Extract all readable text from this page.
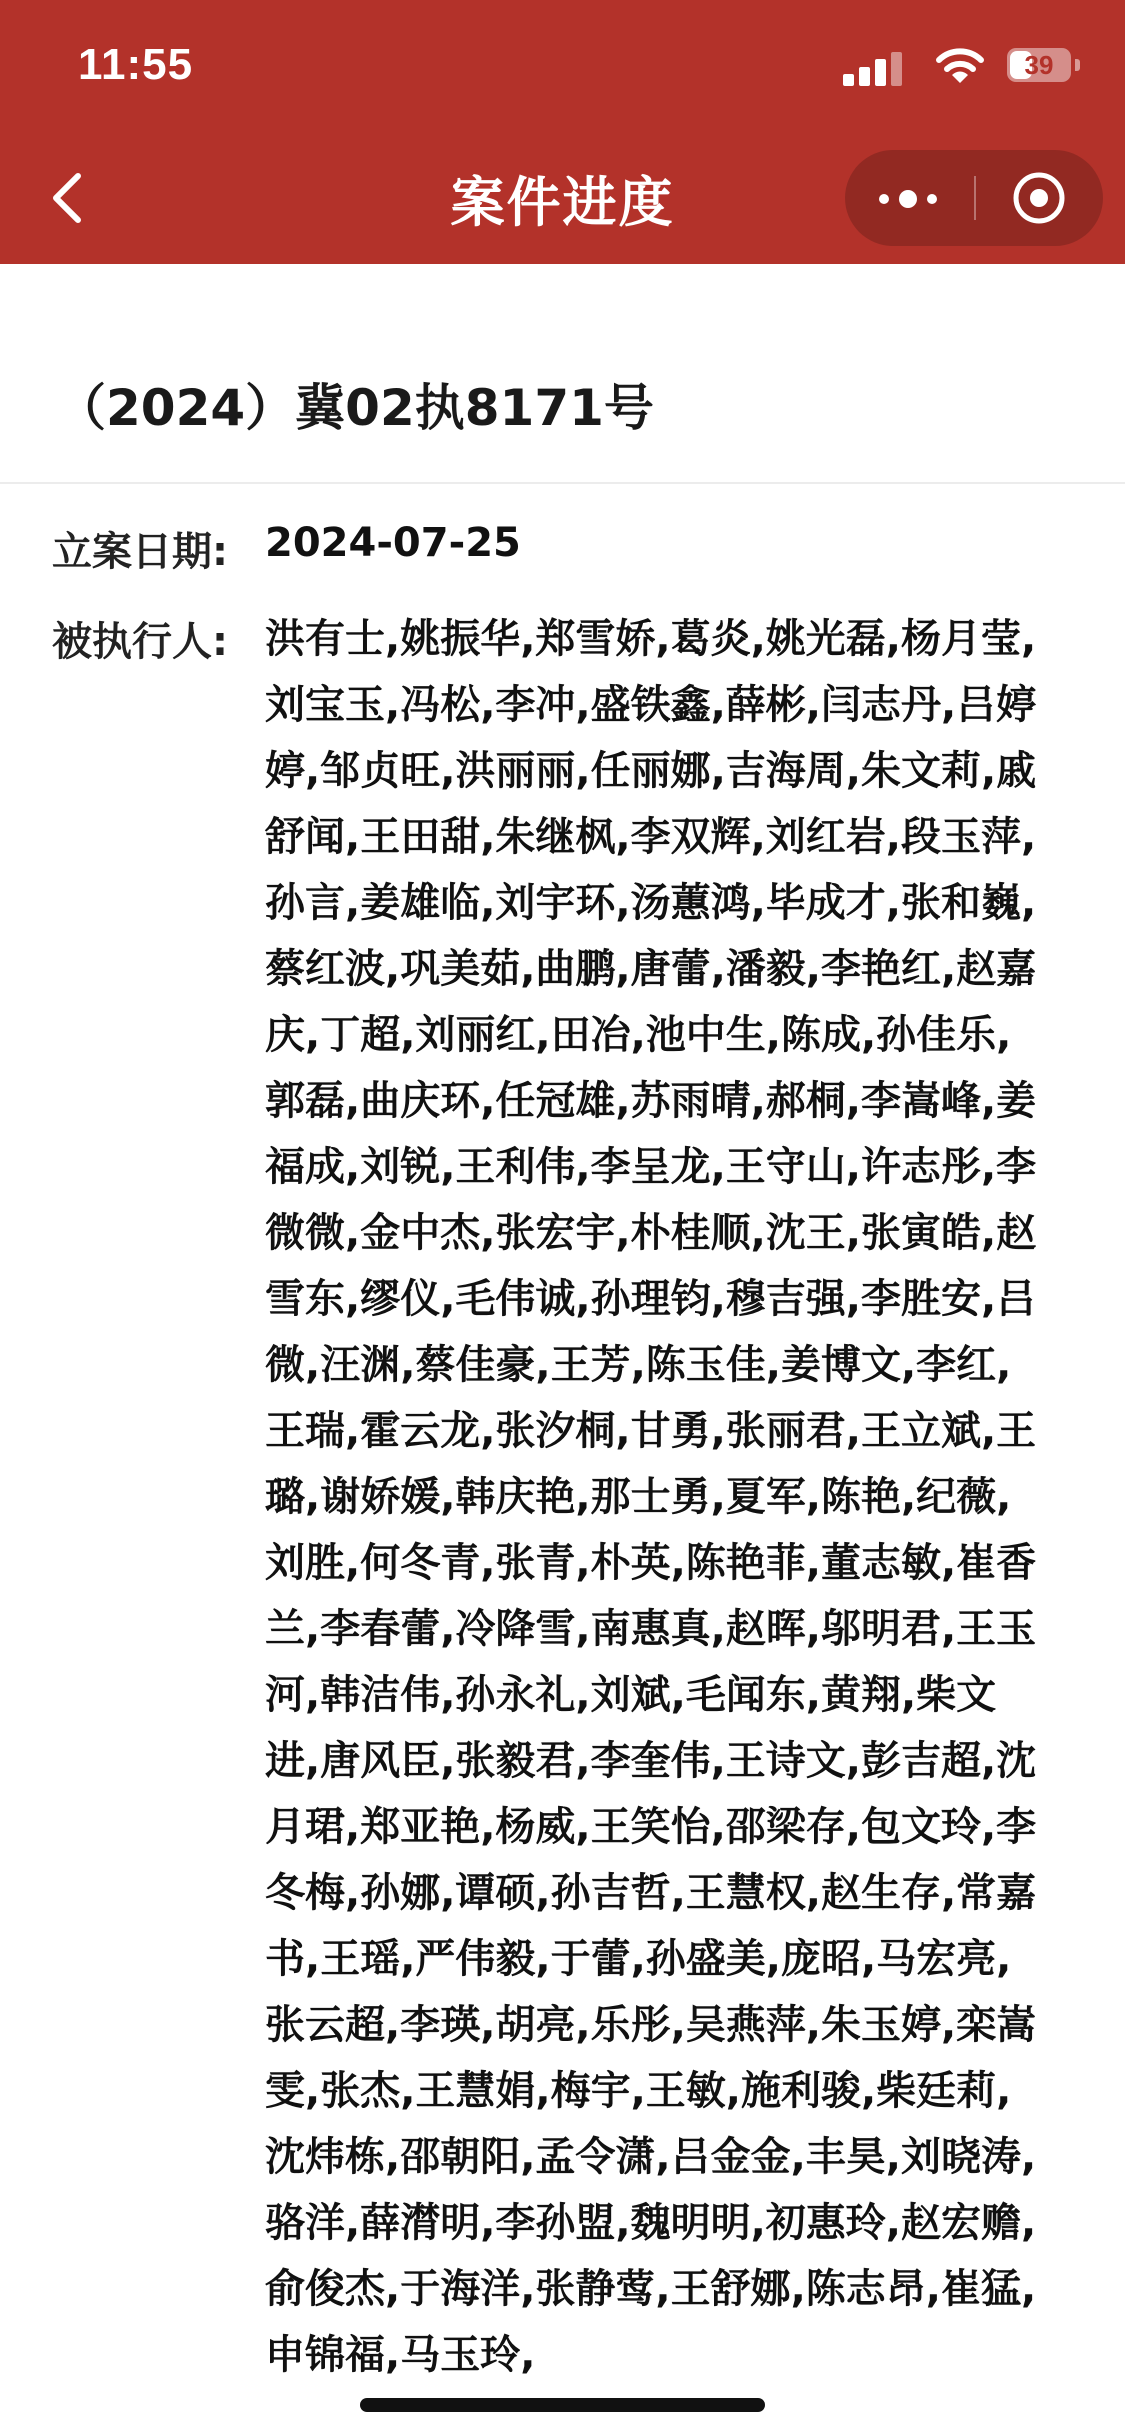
11:55	39
案件进度
（2024）冀02执8171号
立案日期: 2024-07-25
被执行人: 洪有士,姚振华,郑雪娇,葛炎,姚光磊,杨月莹,刘宝玉,冯松,李冲,盛铁鑫,薛彬,闫志丹,吕婷婷,邹贞旺,洪丽丽,任丽娜,吉海周,朱文莉,戚舒闻,王田甜,朱继枫,李双辉,刘红岩,段玉萍,孙言,姜雄临,刘宇环,汤蕙鸿,毕成才,张和巍,蔡红波,巩美茹,曲鹏,唐蕾,潘毅,李艳红,赵嘉庆,丁超,刘丽红,田冶,池中生,陈成,孙佳乐,郭磊,曲庆环,任冠雄,苏雨晴,郝桐,李嵩峰,姜福成,刘锐,王利伟,李呈龙,王守山,许志彤,李微微,金中杰,张宏宇,朴桂顺,沈王,张寅皓,赵雪东,缪仪,毛伟诚,孙理钧,穆吉强,李胜安,吕微,汪渊,蔡佳豪,王芳,陈玉佳,姜博文,李红,王瑞,霍云龙,张汐桐,甘勇,张丽君,王立斌,王璐,谢娇媛,韩庆艳,那士勇,夏军,陈艳,纪薇,刘胜,何冬青,张青,朴英,陈艳菲,董志敏,崔香兰,李春蕾,冷降雪,南惠真,赵晖,邬明君,王玉河,韩洁伟,孙永礼,刘斌,毛闻东,黄翔,柴文进,唐风臣,张毅君,李奎伟,王诗文,彭吉超,沈月珺,郑亚艳,杨威,王笑怡,邵梁存,包文玲,李冬梅,孙娜,谭硕,孙吉哲,王慧权,赵生存,常嘉书,王瑶,严伟毅,于蕾,孙盛美,庞昭,马宏亮,张云超,李瑛,胡亮,乐彤,吴燕萍,朱玉婷,栾嵩雯,张杰,王慧娟,梅宇,王敏,施利骏,柴廷莉,沈炜栋,邵朝阳,孟令潇,吕金金,丰昊,刘晓涛,骆洋,薛潸明,李孙盟,魏明明,初惠玲,赵宏赡,俞俊杰,于海洋,张静莺,王舒娜,陈志昂,崔猛,申锦福,马玉玲,
